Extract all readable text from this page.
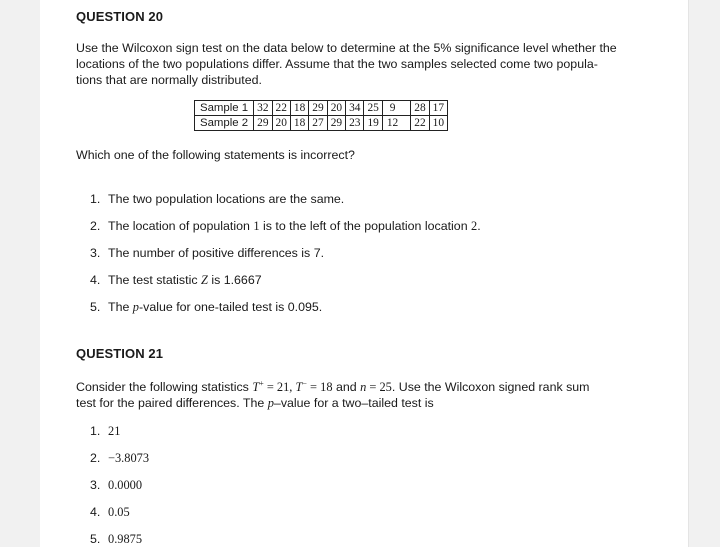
QUESTION 20
Use the Wilcoxon sign test on the data below to determine at the 5% significance level whether the
locations of the two populations differ. Assume that the two samples selected come two popula-
tions that are normally distributed.
Sample 1	32	22	18	29	20	34	25	9	28	17
Sample 2	29	20	18	27	29	23	19	12	22	10
Which one of the following statements is incorrect?
1. The two population locations are the same.
2. The location of population 1 is to the left of the population location 2.
3. The number of positive differences is 7.
4. The test statistic Z is 1.6667
5. The p-value for one-tailed test is 0.095.
QUESTION 21
Consider the following statistics T+ = 21, T− = 18 and n = 25. Use the Wilcoxon signed rank sum
test for the paired differences. The p–value for a two–tailed test is
1. 21
2. −3.8073
3. 0.0000
4. 0.05
5. 0.9875
